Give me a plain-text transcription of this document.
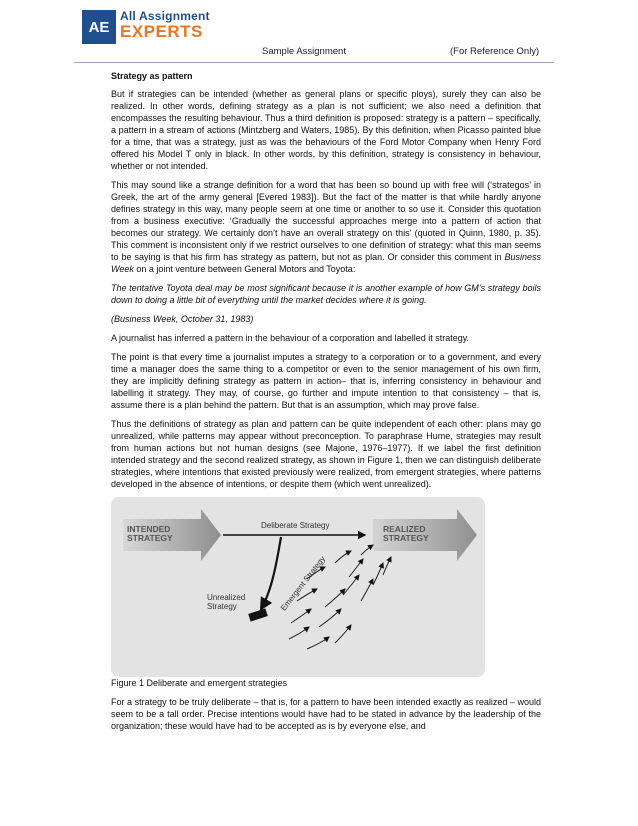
AE
All Assignment
EXPERTS
Sample Assignment	(For Reference Only)

Strategy as pattern

But if strategies can be intended (whether as general plans or specific ploys), surely they can also be realized. In other words, defining strategy as a plan is not sufficient; we also need a definition that encompasses the resulting behaviour. Thus a third definition is proposed: strategy is a pattern – specifically, a pattern in a stream of actions (Mintzberg and Waters, 1985). By this definition, when Picasso painted blue for a time, that was a strategy, just as was the behaviours of the Ford Motor Company when Henry Ford offered his Model T only in black. In other words, by this definition, strategy is consistency in behaviour, whether or not intended.

This may sound like a strange definition for a word that has been so bound up with free will (‘strategos’ in Greek, the art of the army general [Evered 1983]). But the fact of the matter is that while hardly anyone defines strategy in this way, many people seem at one time or another to so use it. Consider this quotation from a business executive: ‘Gradually the successful approaches merge into a pattern of action that becomes our strategy. We certainly don’t have an overall strategy on this’ (quoted in Quinn, 1980, p. 35). This comment is inconsistent only if we restrict ourselves to one definition of strategy: what this man seems to be saying is that his firm has strategy as pattern, but not as plan. Or consider this comment in Business Week on a joint venture between General Motors and Toyota:

The tentative Toyota deal may be most significant because it is another example of how GM’s strategy boils down to doing a little bit of everything until the market decides where it is going.

(Business Week, October 31, 1983)

A journalist has inferred a pattern in the behaviour of a corporation and labelled it strategy.

The point is that every time a journalist imputes a strategy to a corporation or to a government, and every time a manager does the same thing to a competitor or even to the senior management of his own firm, they are implicitly defining strategy as pattern in action– that is, inferring consistency in behaviour and labelling it strategy. They may, of course, go further and impute intention to that consistency – that is, assume there is a plan behind the pattern. But that is an assumption, which may prove false.

Thus the definitions of strategy as plan and pattern can be quite independent of each other: plans may go unrealized, while patterns may appear without preconception. To paraphrase Hume, strategies may result from human actions but not human designs (see Majone, 1976–1977). If we label the first definition intended strategy and the second realized strategy, as shown in Figure 1, then we can distinguish deliberate strategies, where intentions that existed previously were realized, from emergent strategies, where patterns developed in the absence of intentions, or despite them (which went unrealized).

INTENDED
STRATEGY
Deliberate Strategy	REALIZED
STRATEGY
Unrealized
Strategy	Emergent Strategy

Figure 1 Deliberate and emergent strategies

For a strategy to be truly deliberate – that is, for a pattern to have been intended exactly as realized – would seem to be a tall order. Precise intentions would have had to be stated in advance by the leadership of the organization; these would have had to be accepted as is by everyone else, and
